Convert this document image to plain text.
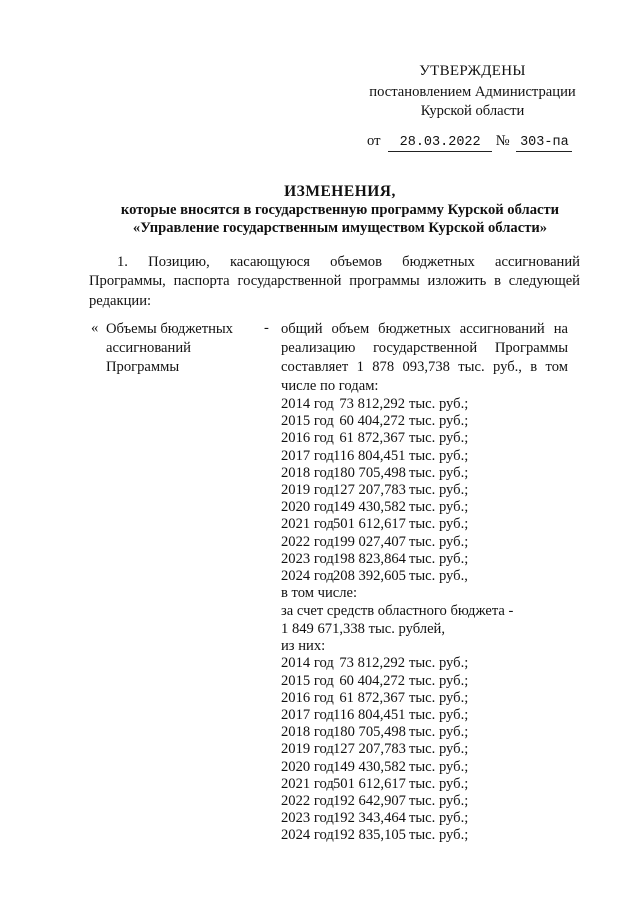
УТВЕРЖДЕНЫ
постановлением Администрации
Курской области
от 28.03.2022 № 303-па
ИЗМЕНЕНИЯ,
которые вносятся в государственную программу Курской области
«Управление государственным имуществом Курской области»
1. Позицию, касающуюся объемов бюджетных ассигнований
Программы, паспорта государственной программы изложить в следующей
редакции:
« Объемы бюджетных
ассигнований
Программы
- общий объем бюджетных ассигнований на
реализацию государственной Программы
составляет 1 878 093,738 тыс. руб., в том
числе по годам:
2014 год 73 812,292 тыс. руб.;
2015 год 60 404,272 тыс. руб.;
2016 год 61 872,367 тыс. руб.;
2017 год116 804,451 тыс. руб.;
2018 год180 705,498 тыс. руб.;
2019 год127 207,783 тыс. руб.;
2020 год149 430,582 тыс. руб.;
2021 год501 612,617 тыс. руб.;
2022 год199 027,407 тыс. руб.;
2023 год198 823,864 тыс. руб.;
2024 год208 392,605 тыс. руб.,
в том числе:
за счет средств областного бюджета -
1 849 671,338 тыс. рублей,
из них:
2014 год 73 812,292 тыс. руб.;
2015 год 60 404,272 тыс. руб.;
2016 год 61 872,367 тыс. руб.;
2017 год116 804,451 тыс. руб.;
2018 год180 705,498 тыс. руб.;
2019 год127 207,783 тыс. руб.;
2020 год149 430,582 тыс. руб.;
2021 год501 612,617 тыс. руб.;
2022 год192 642,907 тыс. руб.;
2023 год192 343,464 тыс. руб.;
2024 год192 835,105 тыс. руб.;
